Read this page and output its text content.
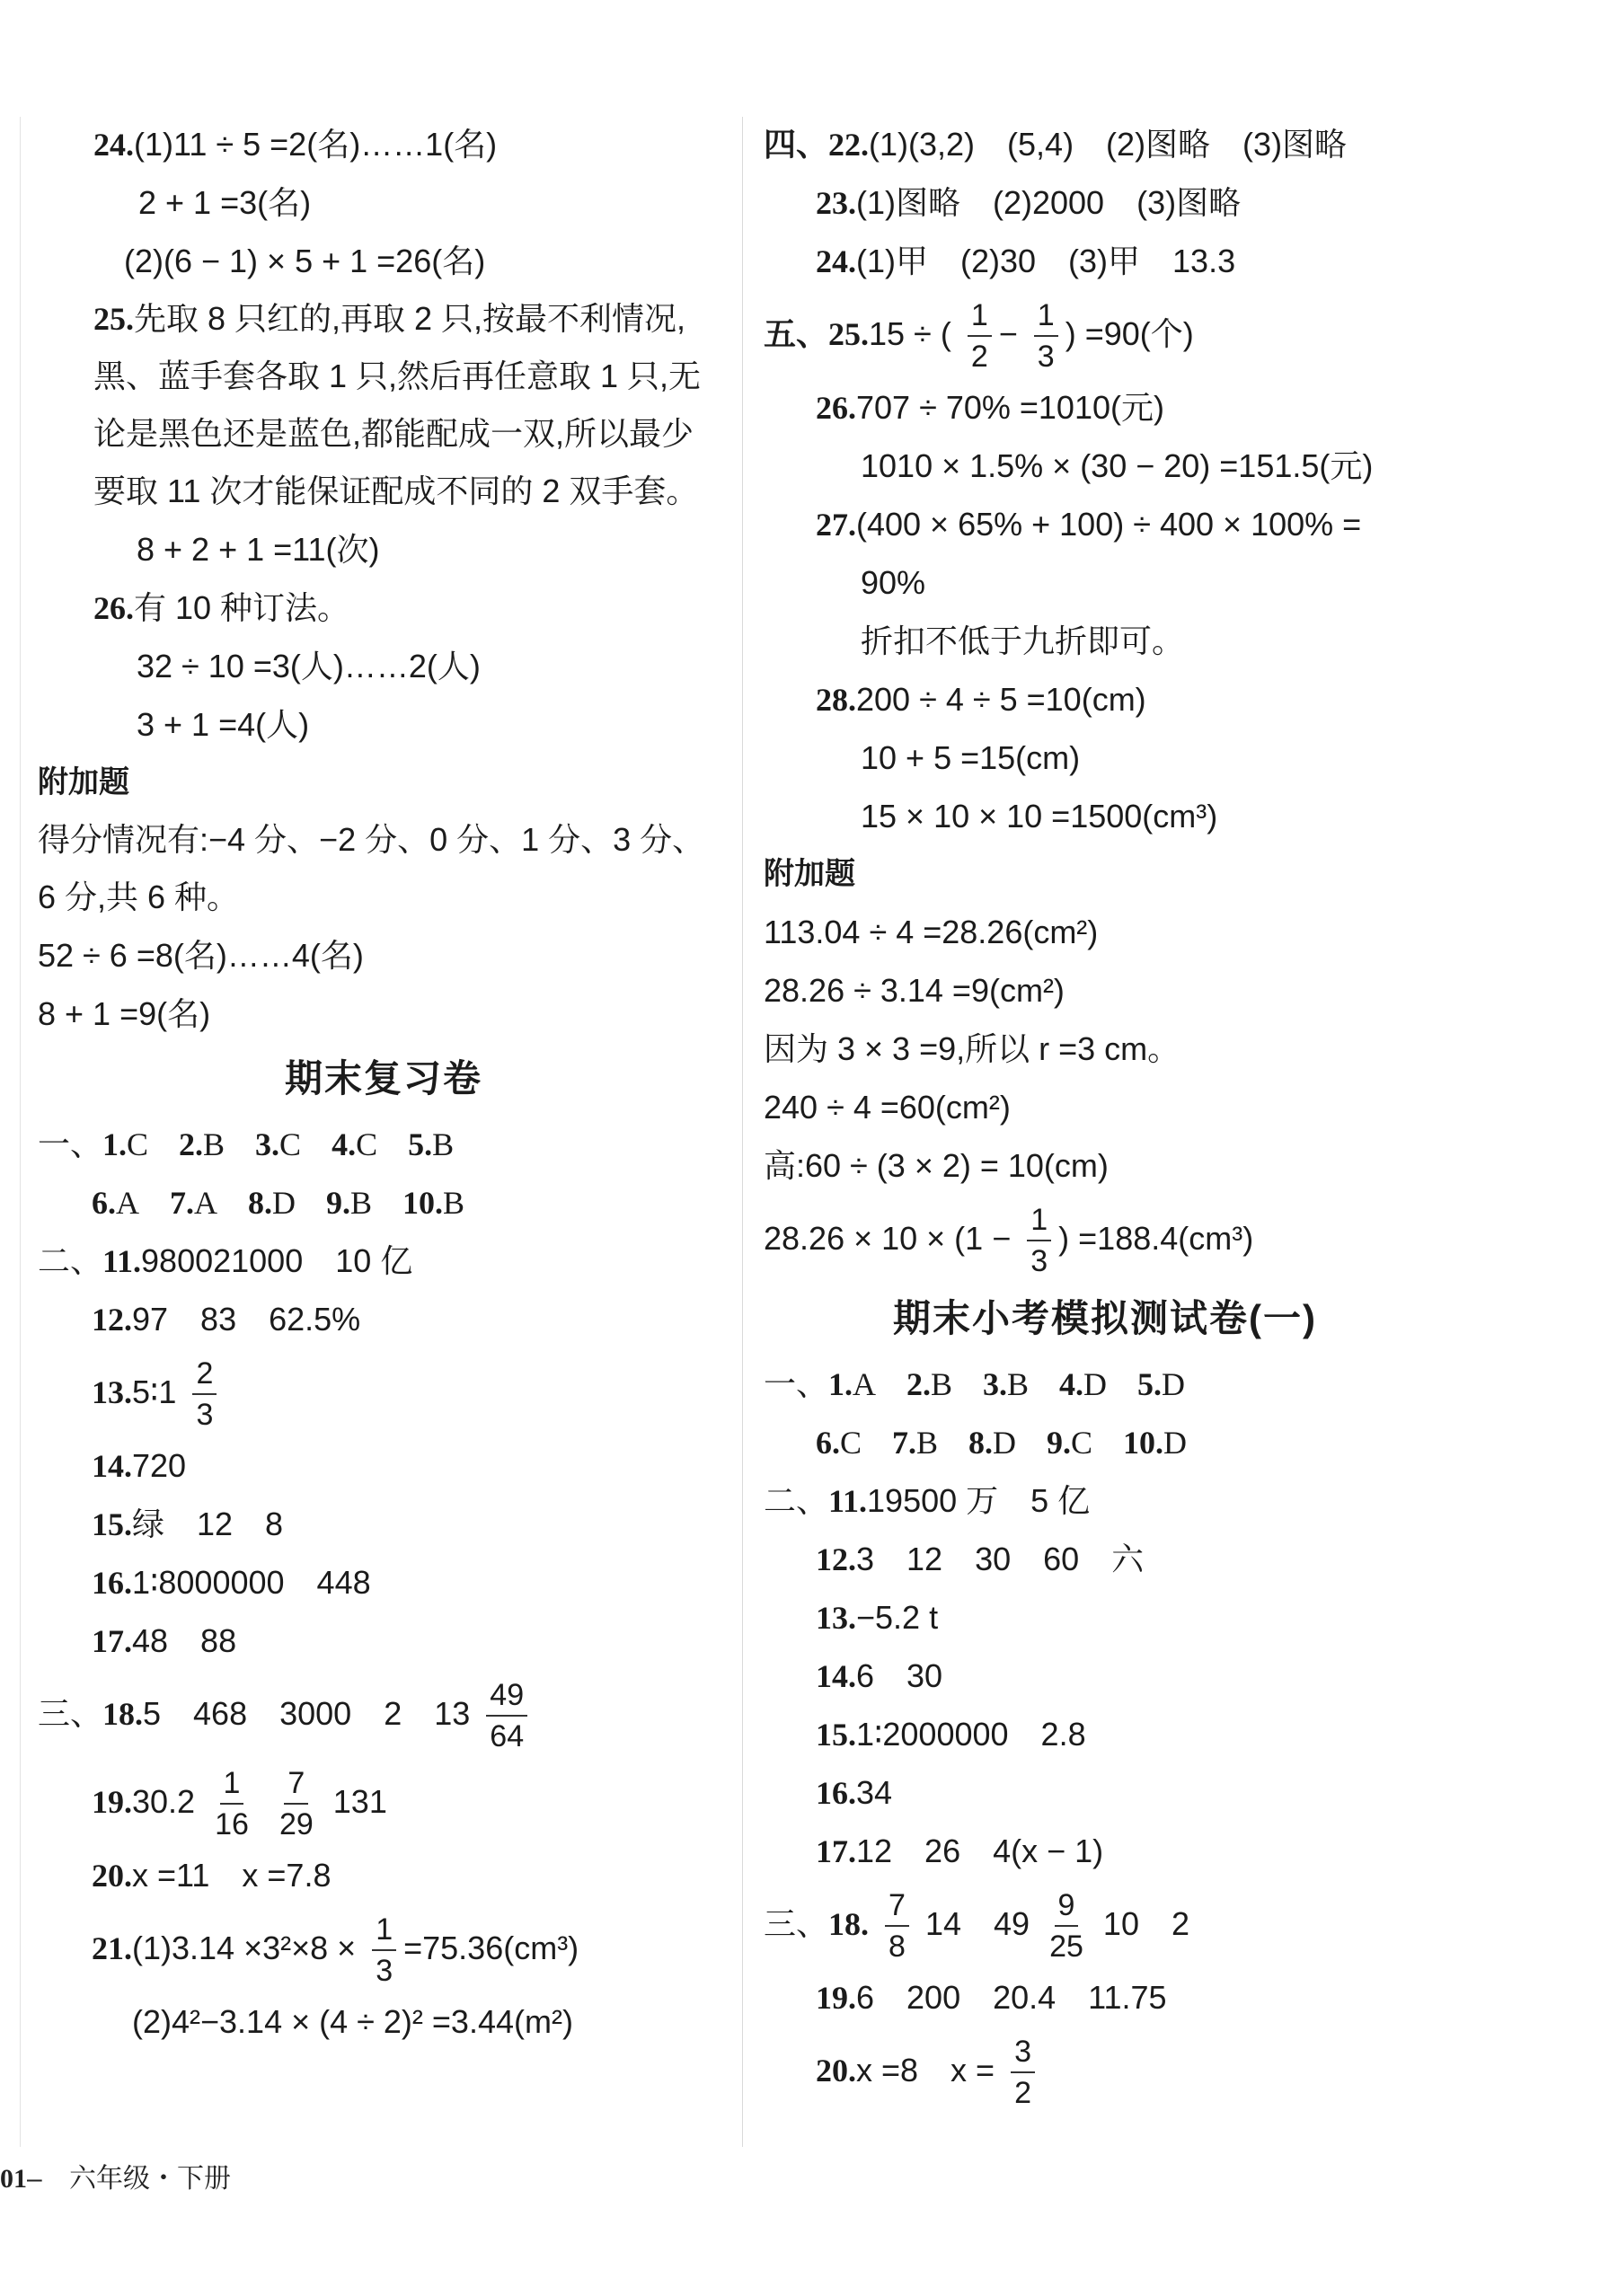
24.(1)11 ÷ 5 =2(名)……1(名)
2 + 1 =3(名)
(2)(6 − 1) × 5 + 1 =26(名)
25.先取 8 只红的,再取 2 只,按最不利情况,黑、蓝手套各取 1 只,然后再任意取 1 只,无论是黑色还是蓝色,都能配成一双,所以最少要取 11 次才能保证配成不同的 2 双手套。
8 + 2 + 1 =11(次)
26.有 10 种订法。
32 ÷ 10 =3(人)……2(人)
3 + 1 =4(人)
附加题
得分情况有:−4 分、−2 分、0 分、1 分、3 分、6 分,共 6 种。
52 ÷ 6 =8(名)……4(名)
8 + 1 =9(名)
期末复习卷
一、1.C 2.B 3.C 4.C 5.B
6.A 7.A 8.D 9.B 10.B
二、11.980021000　10 亿
12.97　83　62.5%
13.5∶1 $\frac{2}{3}$
14.720
15.绿　12　8
16.1∶8000000　448
17.48　88
三、18.5　468　3000　2　$13 \frac{49}{64}$
$19.30.2 \frac{1}{16}$
$\frac{7}{29} 131$
20.x =11　x =7.8
$21.(1)3.14 \times 3^2\times 8 \times \frac{1}{3} =75.36(cm^3)$
(2)4²−3.14 × (4 ÷ 2)² =3.44(m²)
四、22.(1)(3,2)　(5,4)　(2)图略　(3)图略
23.(1)图略　(2)2000　(3)图略
24.(1)甲　(2)30　(3)甲　13.3
五、25.15 ÷ ( $\frac{1}{2} - \frac{1}{3}$ ) =90(个)
26.707 ÷ 70% =1010(元)
1010 × 1.5% × (30 − 20) =151.5(元)
27.(400 × 65% + 100) ÷ 400 × 100% =
90%
折扣不低于九折即可。
28.200 ÷ 4 ÷ 5 =10(cm)
10 + 5 =15(cm)
15 × 10 × 10 =1500(cm³)
附加题
113.04 ÷ 4 =28.26(cm²)
28.26 ÷ 3.14 =9(cm²)
因为 3 × 3 =9,所以 r =3 cm。
240 ÷ 4 =60(cm²)
高:60 ÷ (3 × 2) = 10(cm)
$28.26 \times 10 \times (1 - \frac{1}{3}$ ) =188.4(cm³)
期末小考模拟测试卷(一)
一、1.A 2.B 3.B 4.D 5.D
6.C 7.B 8.D 9.C 10.D
二、11.19500 万　5 亿
12.3　12　30　60　六
13.−5.2 t
14.6　30
15.1∶2000000　2.8
16.34
17.12　26　4(x − 1)
三、18. $\frac{7}{8} 14$　$49 \frac{9}{25} 10$　2
19.6　200　20.4　11.75
20.x =8　$x = \frac{3}{2}$
01– 六年级・下册
